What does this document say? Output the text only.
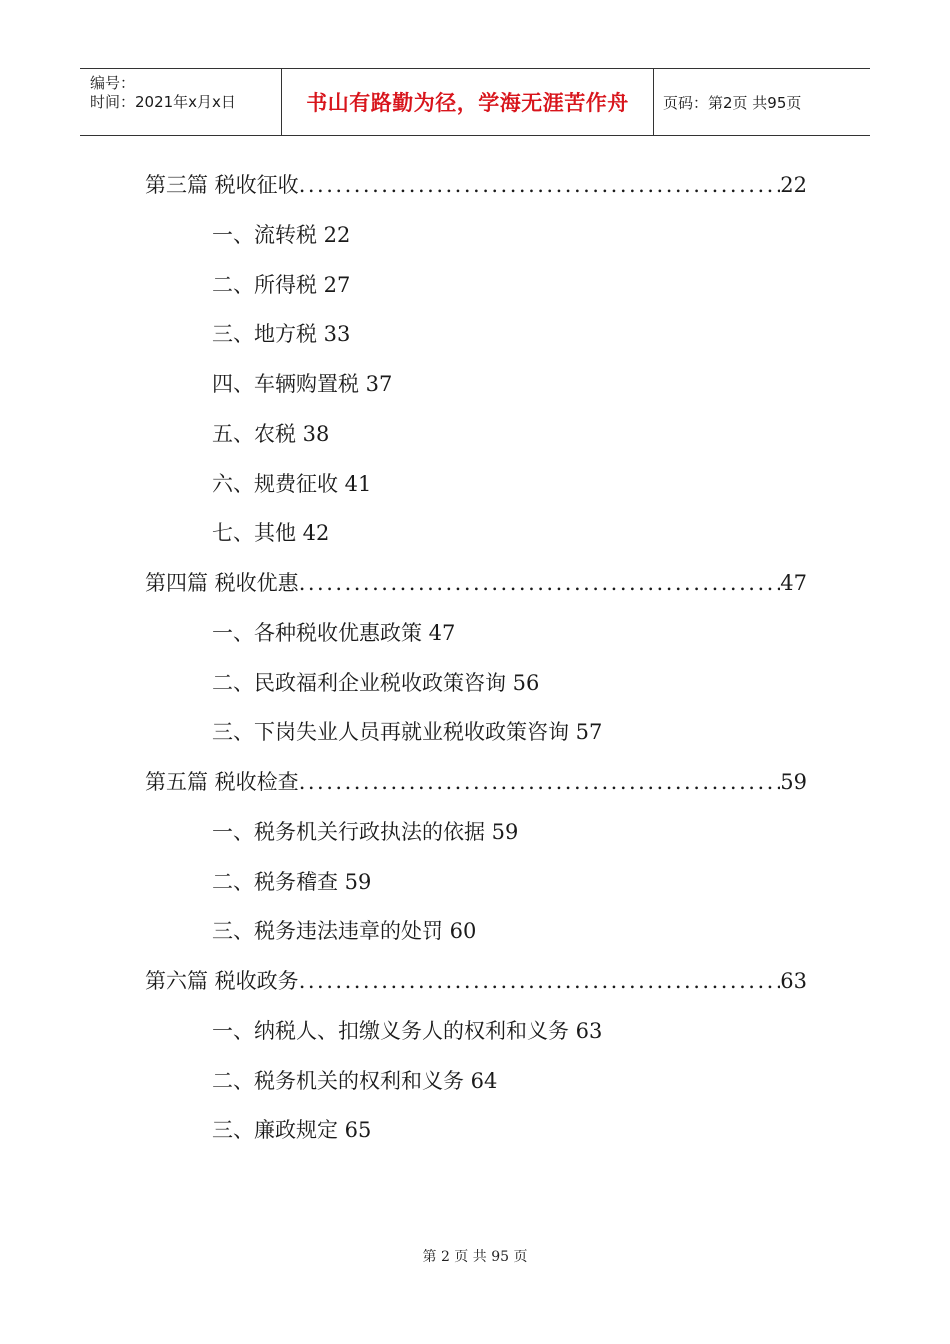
编号：
时间：2021年x月x日	书山有路勤为径，学海无涯苦作舟 页码：第2页 共95页
第三篇 税收征收 .....	22
一、流转税 22
二、所得税 27
三、地方税 33
四、车辆购置税 37
五、农税 38
六、规费征收 41
七、其他 42
第四篇 税收优惠 .....	47
一、各种税收优惠政策 47
二、民政福利企业税收政策咨询 56
三、下岗失业人员再就业税收政策咨询 57
第五篇 税收检查 .....	59
一、税务机关行政执法的依据 59
二、税务稽查 59
三、税务违法违章的处罚 60
第六篇 税收政务 .....	63
一、纳税人、扣缴义务人的权利和义务 63
二、税务机关的权利和义务 64
三、廉政规定 65
第 2 页 共 95 页
